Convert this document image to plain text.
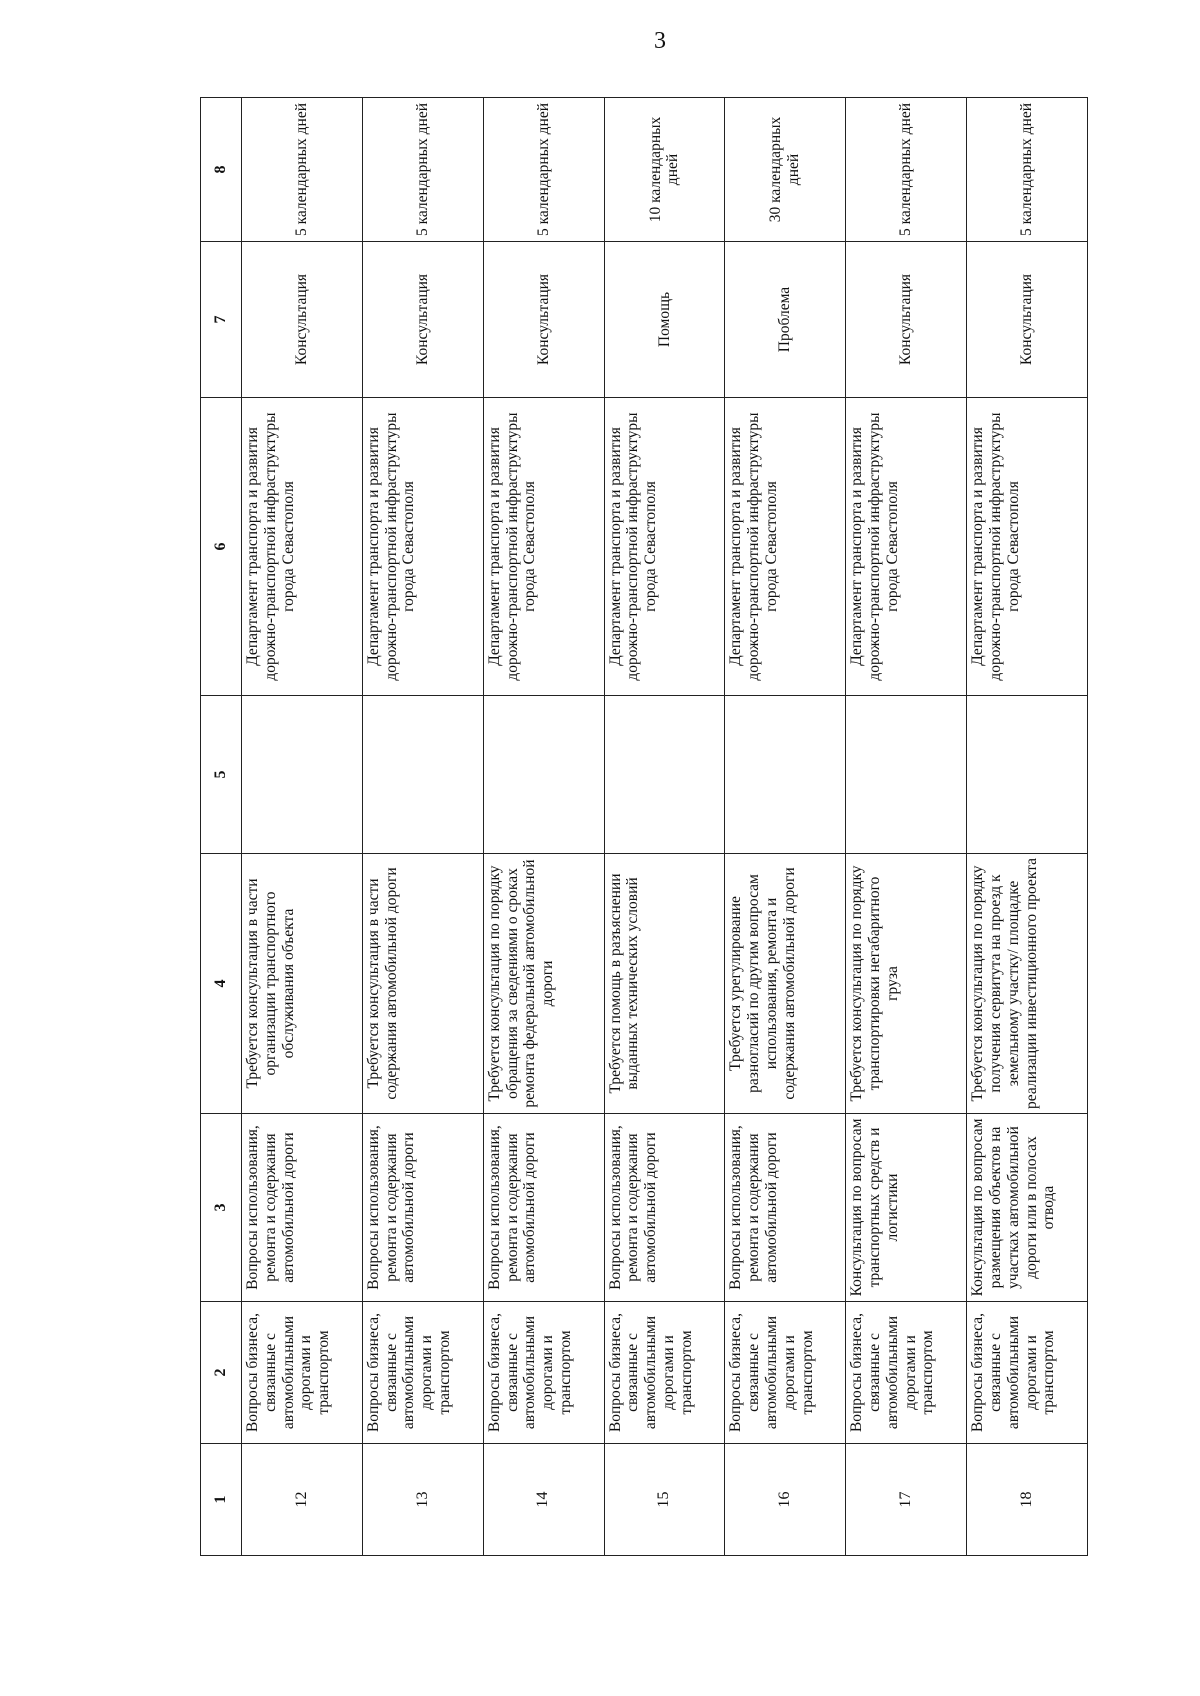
3
1	2	3	4	5	6	7	8
12	Вопросы бизнеса, связанные с автомобильными дорогами и транспортом	Вопросы использования, ремонта и содержания автомобильной дороги	Требуется консультация в части организации транспортного обслуживания объекта		Департамент транспорта и развития дорожно-транспортной инфраструктуры города Севастополя	Консультация	5 календарных дней
13	Вопросы бизнеса, связанные с автомобильными дорогами и транспортом	Вопросы использования, ремонта и содержания автомобильной дороги	Требуется консультация в части содержания автомобильной дороги		Департамент транспорта и развития дорожно-транспортной инфраструктуры города Севастополя	Консультация	5 календарных дней
14	Вопросы бизнеса, связанные с автомобильными дорогами и транспортом	Вопросы использования, ремонта и содержания автомобильной дороги	Требуется консультация по порядку обращения за сведениями о сроках ремонта федеральной автомобильной дороги		Департамент транспорта и развития дорожно-транспортной инфраструктуры города Севастополя	Консультация	5 календарных дней
15	Вопросы бизнеса, связанные с автомобильными дорогами и транспортом	Вопросы использования, ремонта и содержания автомобильной дороги	Требуется помощь в разъяснении выданных технических условий		Департамент транспорта и развития дорожно-транспортной инфраструктуры города Севастополя	Помощь	10 календарных дней
16	Вопросы бизнеса, связанные с автомобильными дорогами и транспортом	Вопросы использования, ремонта и содержания автомобильной дороги	Требуется урегулирование разногласий по другим вопросам использования, ремонта и содержания автомобильной дороги		Департамент транспорта и развития дорожно-транспортной инфраструктуры города Севастополя	Проблема	30 календарных дней
17	Вопросы бизнеса, связанные с автомобильными дорогами и транспортом	Консультация по вопросам транспортных средств и логистики	Требуется консультация по порядку транспортировки негабаритного груза		Департамент транспорта и развития дорожно-транспортной инфраструктуры города Севастополя	Консультация	5 календарных дней
18	Вопросы бизнеса, связанные с автомобильными дорогами и транспортом	Консультация по вопросам размещения объектов на участках автомобильной дороги или в полосах отвода	Требуется консультация по порядку получения сервитута на проезд к земельному участку/ площадке реализации инвестиционного проекта		Департамент транспорта и развития дорожно-транспортной инфраструктуры города Севастополя	Консультация	5 календарных дней
